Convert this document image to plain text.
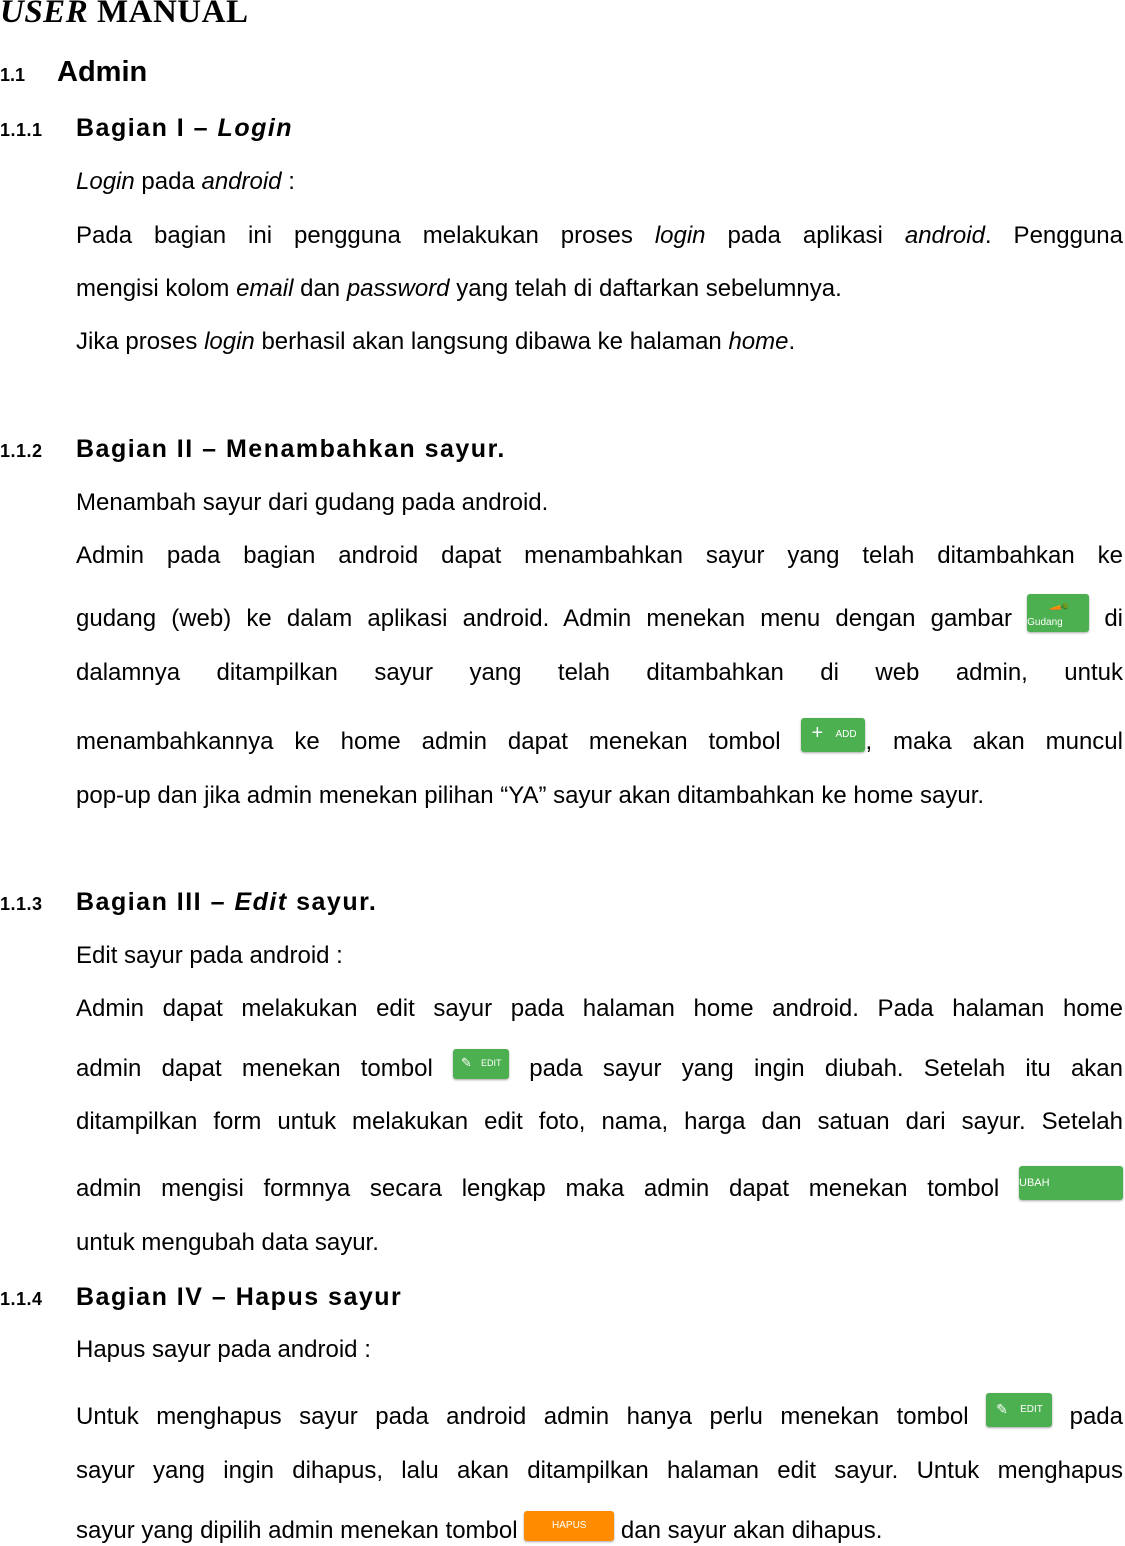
USER MANUAL
1.1 Admin
1.1.1 Bagian I – Login
Login pada android :
Pada bagian ini pengguna melakukan proses login pada aplikasi android. Pengguna
mengisi kolom email dan password yang telah di daftarkan sebelumnya.
Jika proses login berhasil akan langsung dibawa ke halaman home.
1.1.2 Bagian II – Menambahkan sayur.
Menambah sayur dari gudang pada android.
Admin pada bagian android dapat menambahkan sayur yang telah ditambahkan ke
gudang (web) ke dalam aplikasi android. Admin menekan menu dengan gambar	🥕
Gudang	di
dalamnya ditampilkan sayur yang telah ditambahkan di web admin, untuk
menambahkannya ke home admin dapat menekan tombol + ADD , maka akan muncul
pop-up dan jika admin menekan pilihan “YA” sayur akan ditambahkan ke home sayur.
1.1.3 Bagian III – Edit sayur.
Edit sayur pada android :
Admin dapat melakukan edit sayur pada halaman home android. Pada halaman home
admin dapat menekan tombol ✎ EDIT pada sayur yang ingin diubah. Setelah itu akan
ditampilkan form untuk melakukan edit foto, nama, harga dan satuan dari sayur. Setelah
admin mengisi formnya secara lengkap maka admin dapat menekan tombol UBAH
untuk mengubah data sayur.
1.1.4 Bagian IV – Hapus sayur
Hapus sayur pada android :
Untuk menghapus sayur pada android admin hanya perlu menekan tombol ✎ EDIT pada
sayur yang ingin dihapus, lalu akan ditampilkan halaman edit sayur. Untuk menghapus
sayur yang dipilih admin menekan tombol	HAPUS	dan sayur akan dihapus.
